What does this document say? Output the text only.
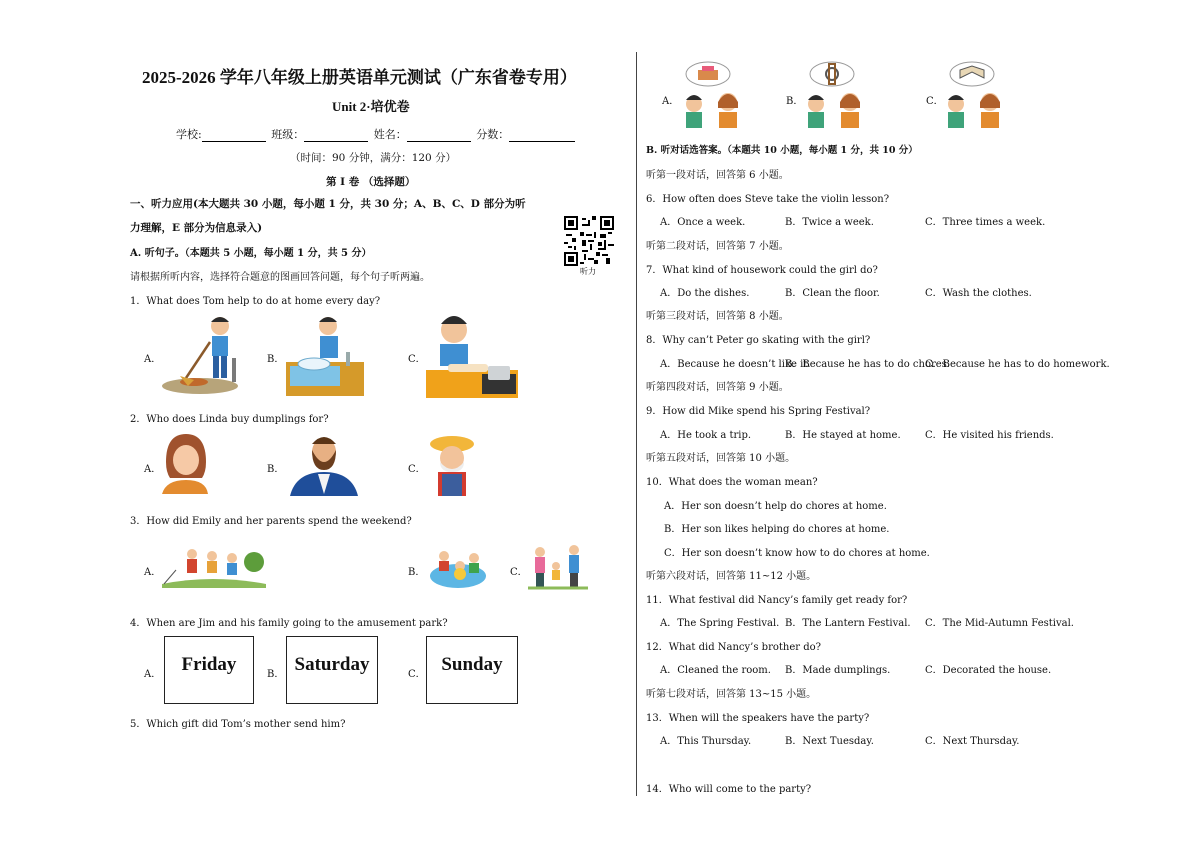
2025-2026 学年八年级上册英语单元测试（广东省卷专用）
Unit 2·培优卷
学校:	班级：	姓名：	分数：
（时间：90 分钟，满分：120 分）
第 I 卷 （选择题）
一、听力应用(本大题共 30 小题，每小题 1 分，共 30 分；A、B、C、D 部分为听
力理解，E 部分为信息录入)
A. 听句子。（本题共 5 小题，每小题 1 分，共 5 分）
请根据所听内容，选择符合题意的图画回答问题，每个句子听两遍。
听力
1．What does Tom help to do at home every day?
A．	B．	C．
2．Who does Linda buy dumplings for?
A．	B．	C．
3．How did Emily and her parents spend the weekend?
A．	B．	C．
4．When are Jim and his family going to the amusement park?
A．	Friday	B． Saturday	C． Sunday
5．Which gift did Tom’s mother send him?
A．	B．	C．
B. 听对话选答案。（本题共 10 小题，每小题 1 分，共 10 分）
听第一段对话，回答第 6 小题。
6．How often does Steve take the violin lesson?
A．Once a week.	B．Twice a week.	C．Three times a week.
听第二段对话，回答第 7 小题。
7．What kind of housework could the girl do?
A．Do the dishes.	B．Clean the floor.	C．Wash the clothes.
听第三段对话，回答第 8 小题。
8．Why can’t Peter go skating with the girl?
A．Because he doesn’t like it.
B．Because he has to do chores.
C．Because he has to do homework.
听第四段对话，回答第 9 小题。
9．How did Mike spend his Spring Festival?
A．He took a trip.	B．He stayed at home. C．He visited his friends.
听第五段对话，回答第 10 小题。
10．What does the woman mean?
A．Her son doesn’t help do chores at home.
B．Her son likes helping do chores at home.
C．Her son doesn’t know how to do chores at home.
听第六段对话，回答第 11~12 小题。
11．What festival did Nancy’s family get ready for?
A．The Spring Festival. B．The Lantern Festival. C．The Mid-Autumn Festival.
12．What did Nancy’s brother do?
A．Cleaned the room. B．Made dumplings.	C．Decorated the house.
听第七段对话，回答第 13~15 小题。
13．When will the speakers have the party?
A．This Thursday.	B．Next Tuesday.	C．Next Thursday.
14．Who will come to the party?
